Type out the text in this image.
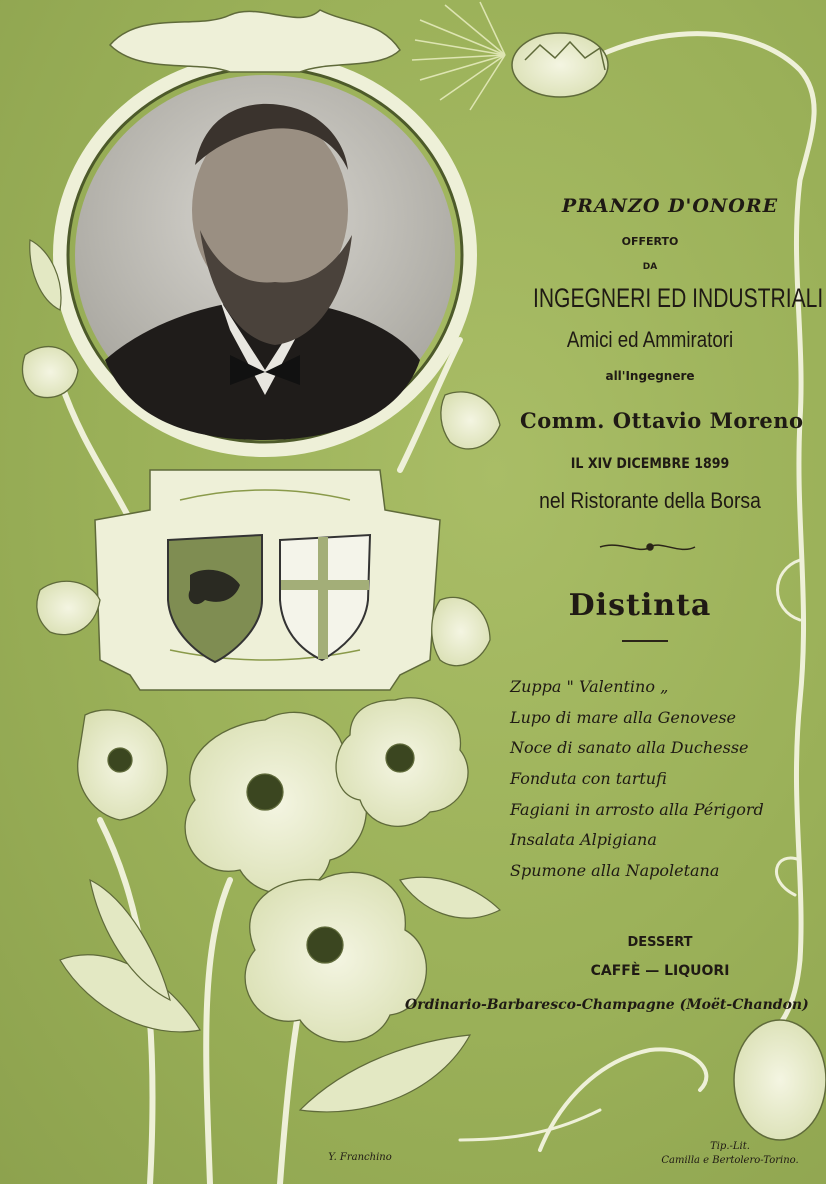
PRANZO D'ONORE
OFFERTO
DA
INGEGNERI ED INDUSTRIALI
Amici ed Ammiratori
all'Ingegnere
Comm. Ottavio Moreno
IL XIV DICEMBRE 1899
nel Ristorante della Borsa
Distinta
Zuppa " Valentino „
Lupo di mare alla Genovese
Noce di sanato alla Duchesse
Fonduta con tartufi
Fagiani in arrosto alla Périgord
Insalata Alpigiana
Spumone alla Napoletana
DESSERT
CAFFÈ — LIQUORI
Ordinario-Barbaresco-Champagne (Moët-Chandon)
Y. Franchino
Tip.-Lit.
Camilla e Bertolero-Torino.
